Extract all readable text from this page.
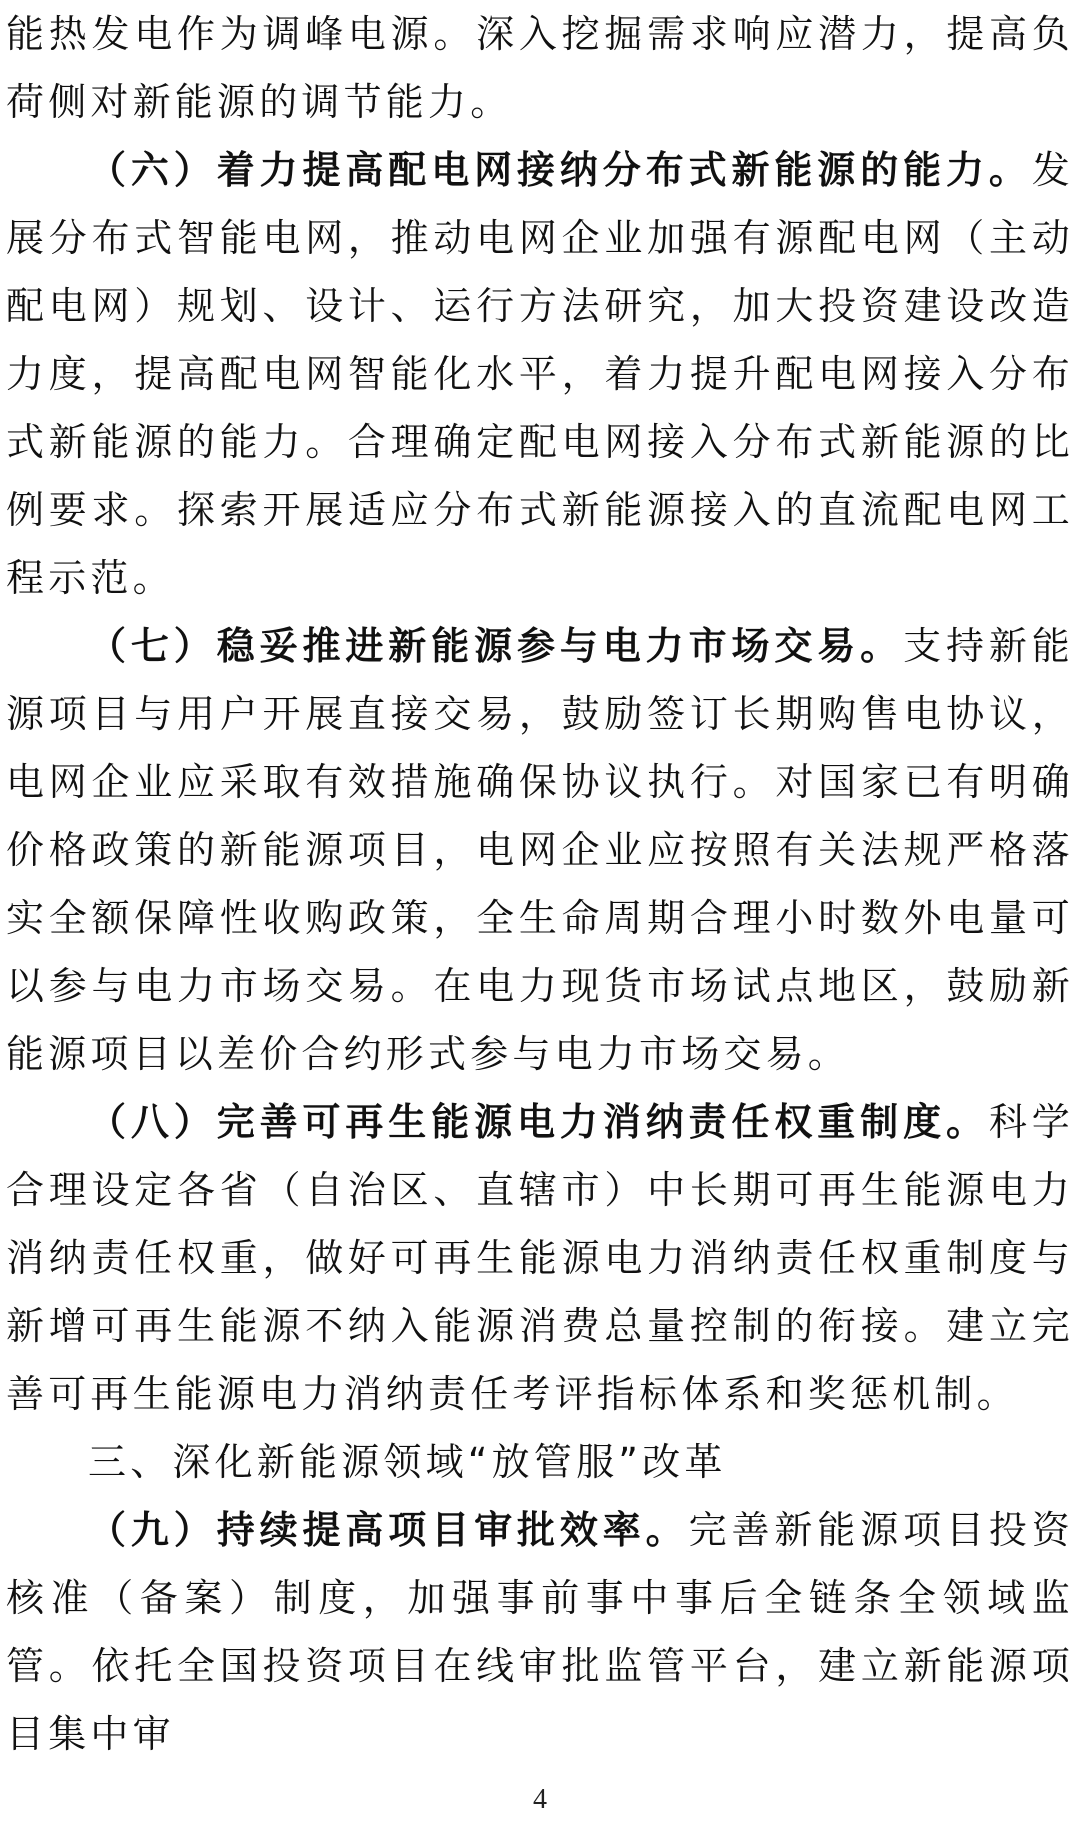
能热发电作为调峰电源。深入挖掘需求响应潜力，提高负荷侧对新能源的调节能力。

（六）着力提高配电网接纳分布式新能源的能力。发展分布式智能电网，推动电网企业加强有源配电网（主动配电网）规划、设计、运行方法研究，加大投资建设改造力度，提高配电网智能化水平，着力提升配电网接入分布式新能源的能力。合理确定配电网接入分布式新能源的比例要求。探索开展适应分布式新能源接入的直流配电网工程示范。

（七）稳妥推进新能源参与电力市场交易。支持新能源项目与用户开展直接交易，鼓励签订长期购售电协议，电网企业应采取有效措施确保协议执行。对国家已有明确价格政策的新能源项目，电网企业应按照有关法规严格落实全额保障性收购政策，全生命周期合理小时数外电量可以参与电力市场交易。在电力现货市场试点地区，鼓励新能源项目以差价合约形式参与电力市场交易。

（八）完善可再生能源电力消纳责任权重制度。科学合理设定各省（自治区、直辖市）中长期可再生能源电力消纳责任权重，做好可再生能源电力消纳责任权重制度与新增可再生能源不纳入能源消费总量控制的衔接。建立完善可再生能源电力消纳责任考评指标体系和奖惩机制。

三、深化新能源领域“放管服”改革

（九）持续提高项目审批效率。完善新能源项目投资核准（备案）制度，加强事前事中事后全链条全领域监管。依托全国投资项目在线审批监管平台，建立新能源项目集中审

4
